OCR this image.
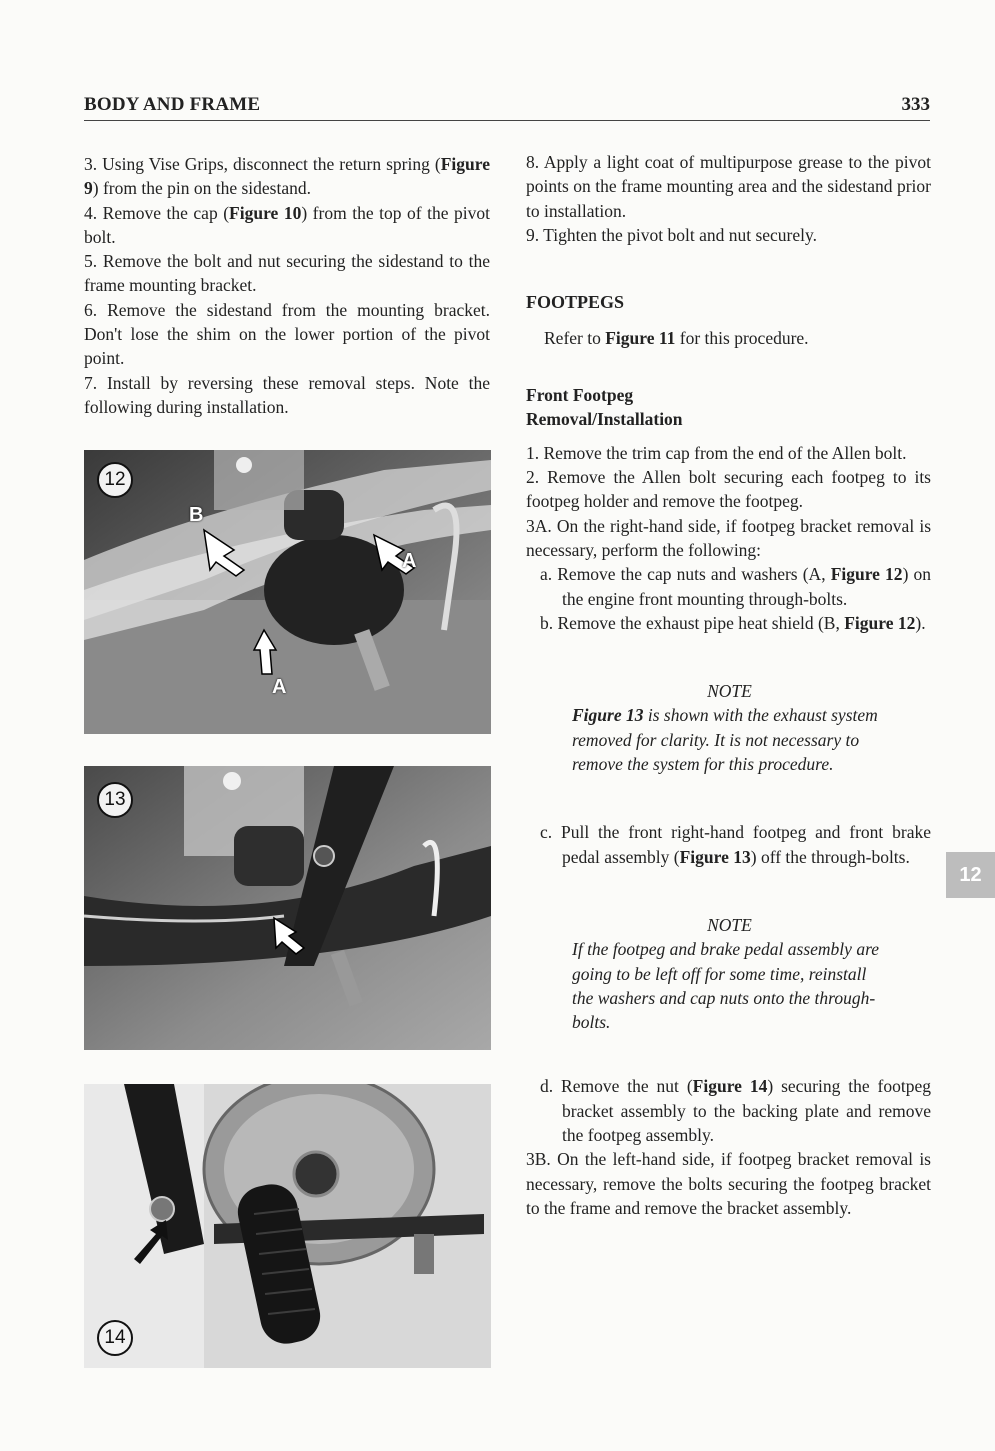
BODY AND FRAME	333

3. Using Vise Grips, disconnect the return spring (Figure 9) from the pin on the sidestand.

4. Remove the cap (Figure 10) from the top of the pivot bolt.

5. Remove the bolt and nut securing the sidestand to the frame mounting bracket.

6. Remove the sidestand from the mounting bracket. Don't lose the shim on the lower portion of the pivot point.

7. Install by reversing these removal steps. Note the following during installation.

12
B
A
A
13
14

8. Apply a light coat of multipurpose grease to the pivot points on the frame mounting area and the sidestand prior to installation.

9. Tighten the pivot bolt and nut securely.

FOOTPEGS

Refer to Figure 11 for this procedure.

Front Footpeg
Removal/Installation

1. Remove the trim cap from the end of the Allen bolt.

2. Remove the Allen bolt securing each footpeg to its footpeg holder and remove the footpeg.

3A. On the right-hand side, if footpeg bracket removal is necessary, perform the following:

a. Remove the cap nuts and washers (A, Figure 12) on the engine front mounting through-bolts.

b. Remove the exhaust pipe heat shield (B, Figure 12).

NOTE

Figure 13 is shown with the exhaust system removed for clarity. It is not necessary to remove the system for this procedure.

c. Pull the front right-hand footpeg and front brake pedal assembly (Figure 13) off the through-bolts.

NOTE

If the footpeg and brake pedal assembly are going to be left off for some time, reinstall the washers and cap nuts onto the through-bolts.

d. Remove the nut (Figure 14) securing the footpeg bracket assembly to the backing plate and remove the footpeg assembly.

3B. On the left-hand side, if footpeg bracket removal is necessary, remove the bolts securing the footpeg bracket to the frame and remove the bracket assembly.

12
